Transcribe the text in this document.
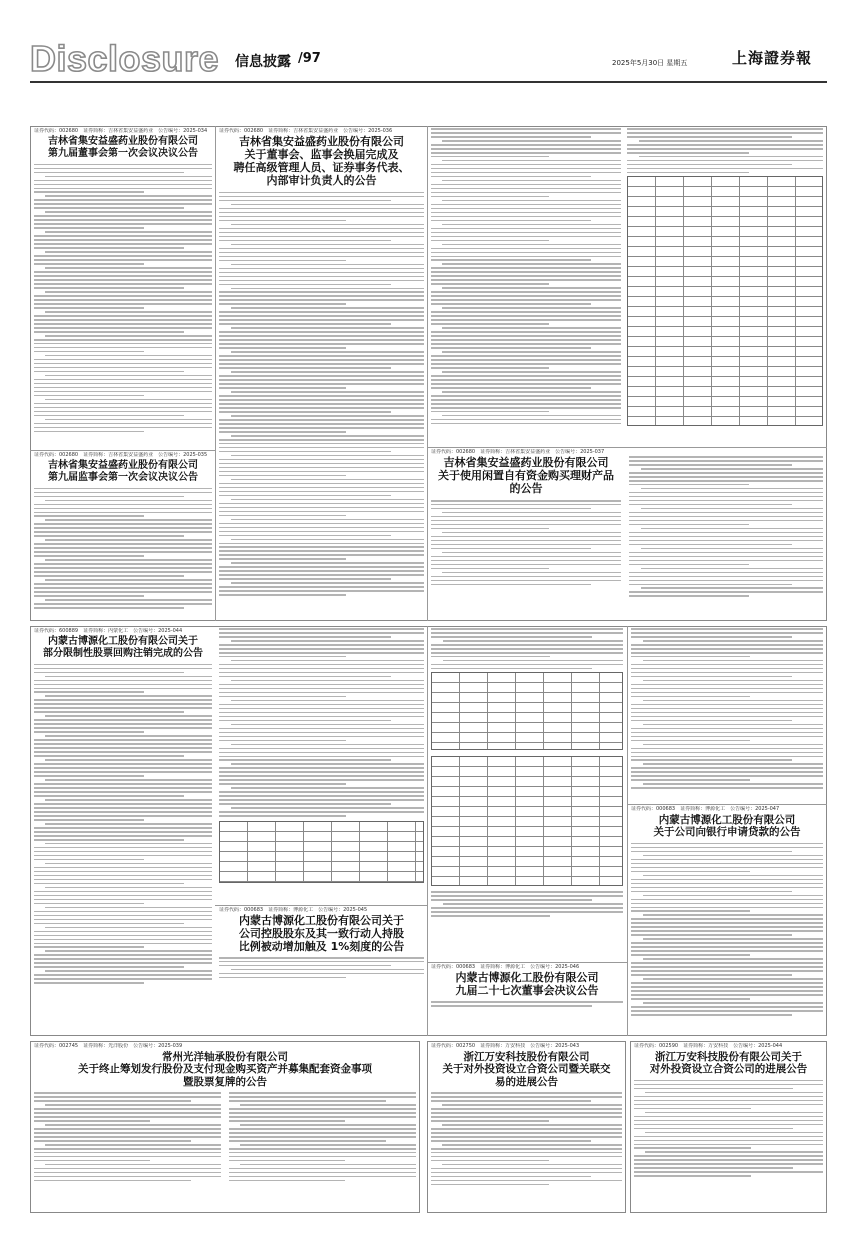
Disclosure 信息披露 /97	2025年5月30日 星期五	上海證券報
证券代码：002680　证券简称：吉林省集安益盛药业　公告编号：2025-034
吉林省集安益盛药业股份有限公司
第九届董事会第一次会议决议公告
证券代码：002680　证券简称：吉林省集安益盛药业　公告编号：2025-035
吉林省集安益盛药业股份有限公司
第九届监事会第一次会议决议公告
证券代码：002680　证券简称：吉林省集安益盛药业　公告编号：2025-036
吉林省集安益盛药业股份有限公司
关于董事会、监事会换届完成及
聘任高级管理人员、证券事务代表、
内部审计负责人的公告
证券代码：002680　证券简称：吉林省集安益盛药业　公告编号：2025-037
吉林省集安益盛药业股份有限公司
关于使用闲置自有资金购买理财产品
的公告
证券代码：600889　证券简称：内蒙化工　公告编号：2025-044
内蒙古博源化工股份有限公司关于
部分限制性股票回购注销完成的公告
证券代码：000683　证券简称：博源化工　公告编号：2025-045
内蒙古博源化工股份有限公司关于
公司控股股东及其一致行动人持股
比例被动增加触及 1%刻度的公告
证券代码：000683　证券简称：博源化工　公告编号：2025-046
内蒙古博源化工股份有限公司
九届二十七次董事会决议公告
证券代码：000683　证券简称：博源化工　公告编号：2025-047
内蒙古博源化工股份有限公司
关于公司向银行申请贷款的公告
证券代码：002745　证券简称：光洋股份　公告编号：2025-039
常州光洋轴承股份有限公司
关于终止筹划发行股份及支付现金购买资产并募集配套资金事项
暨股票复牌的公告
证券代码：002750　证券简称：万安科技　公告编号：2025-043
浙江万安科技股份有限公司
关于对外投资设立合资公司暨关联交
易的进展公告
证券代码：002590　证券简称：万安科技　公告编号：2025-044
浙江万安科技股份有限公司关于
对外投资设立合资公司的进展公告
